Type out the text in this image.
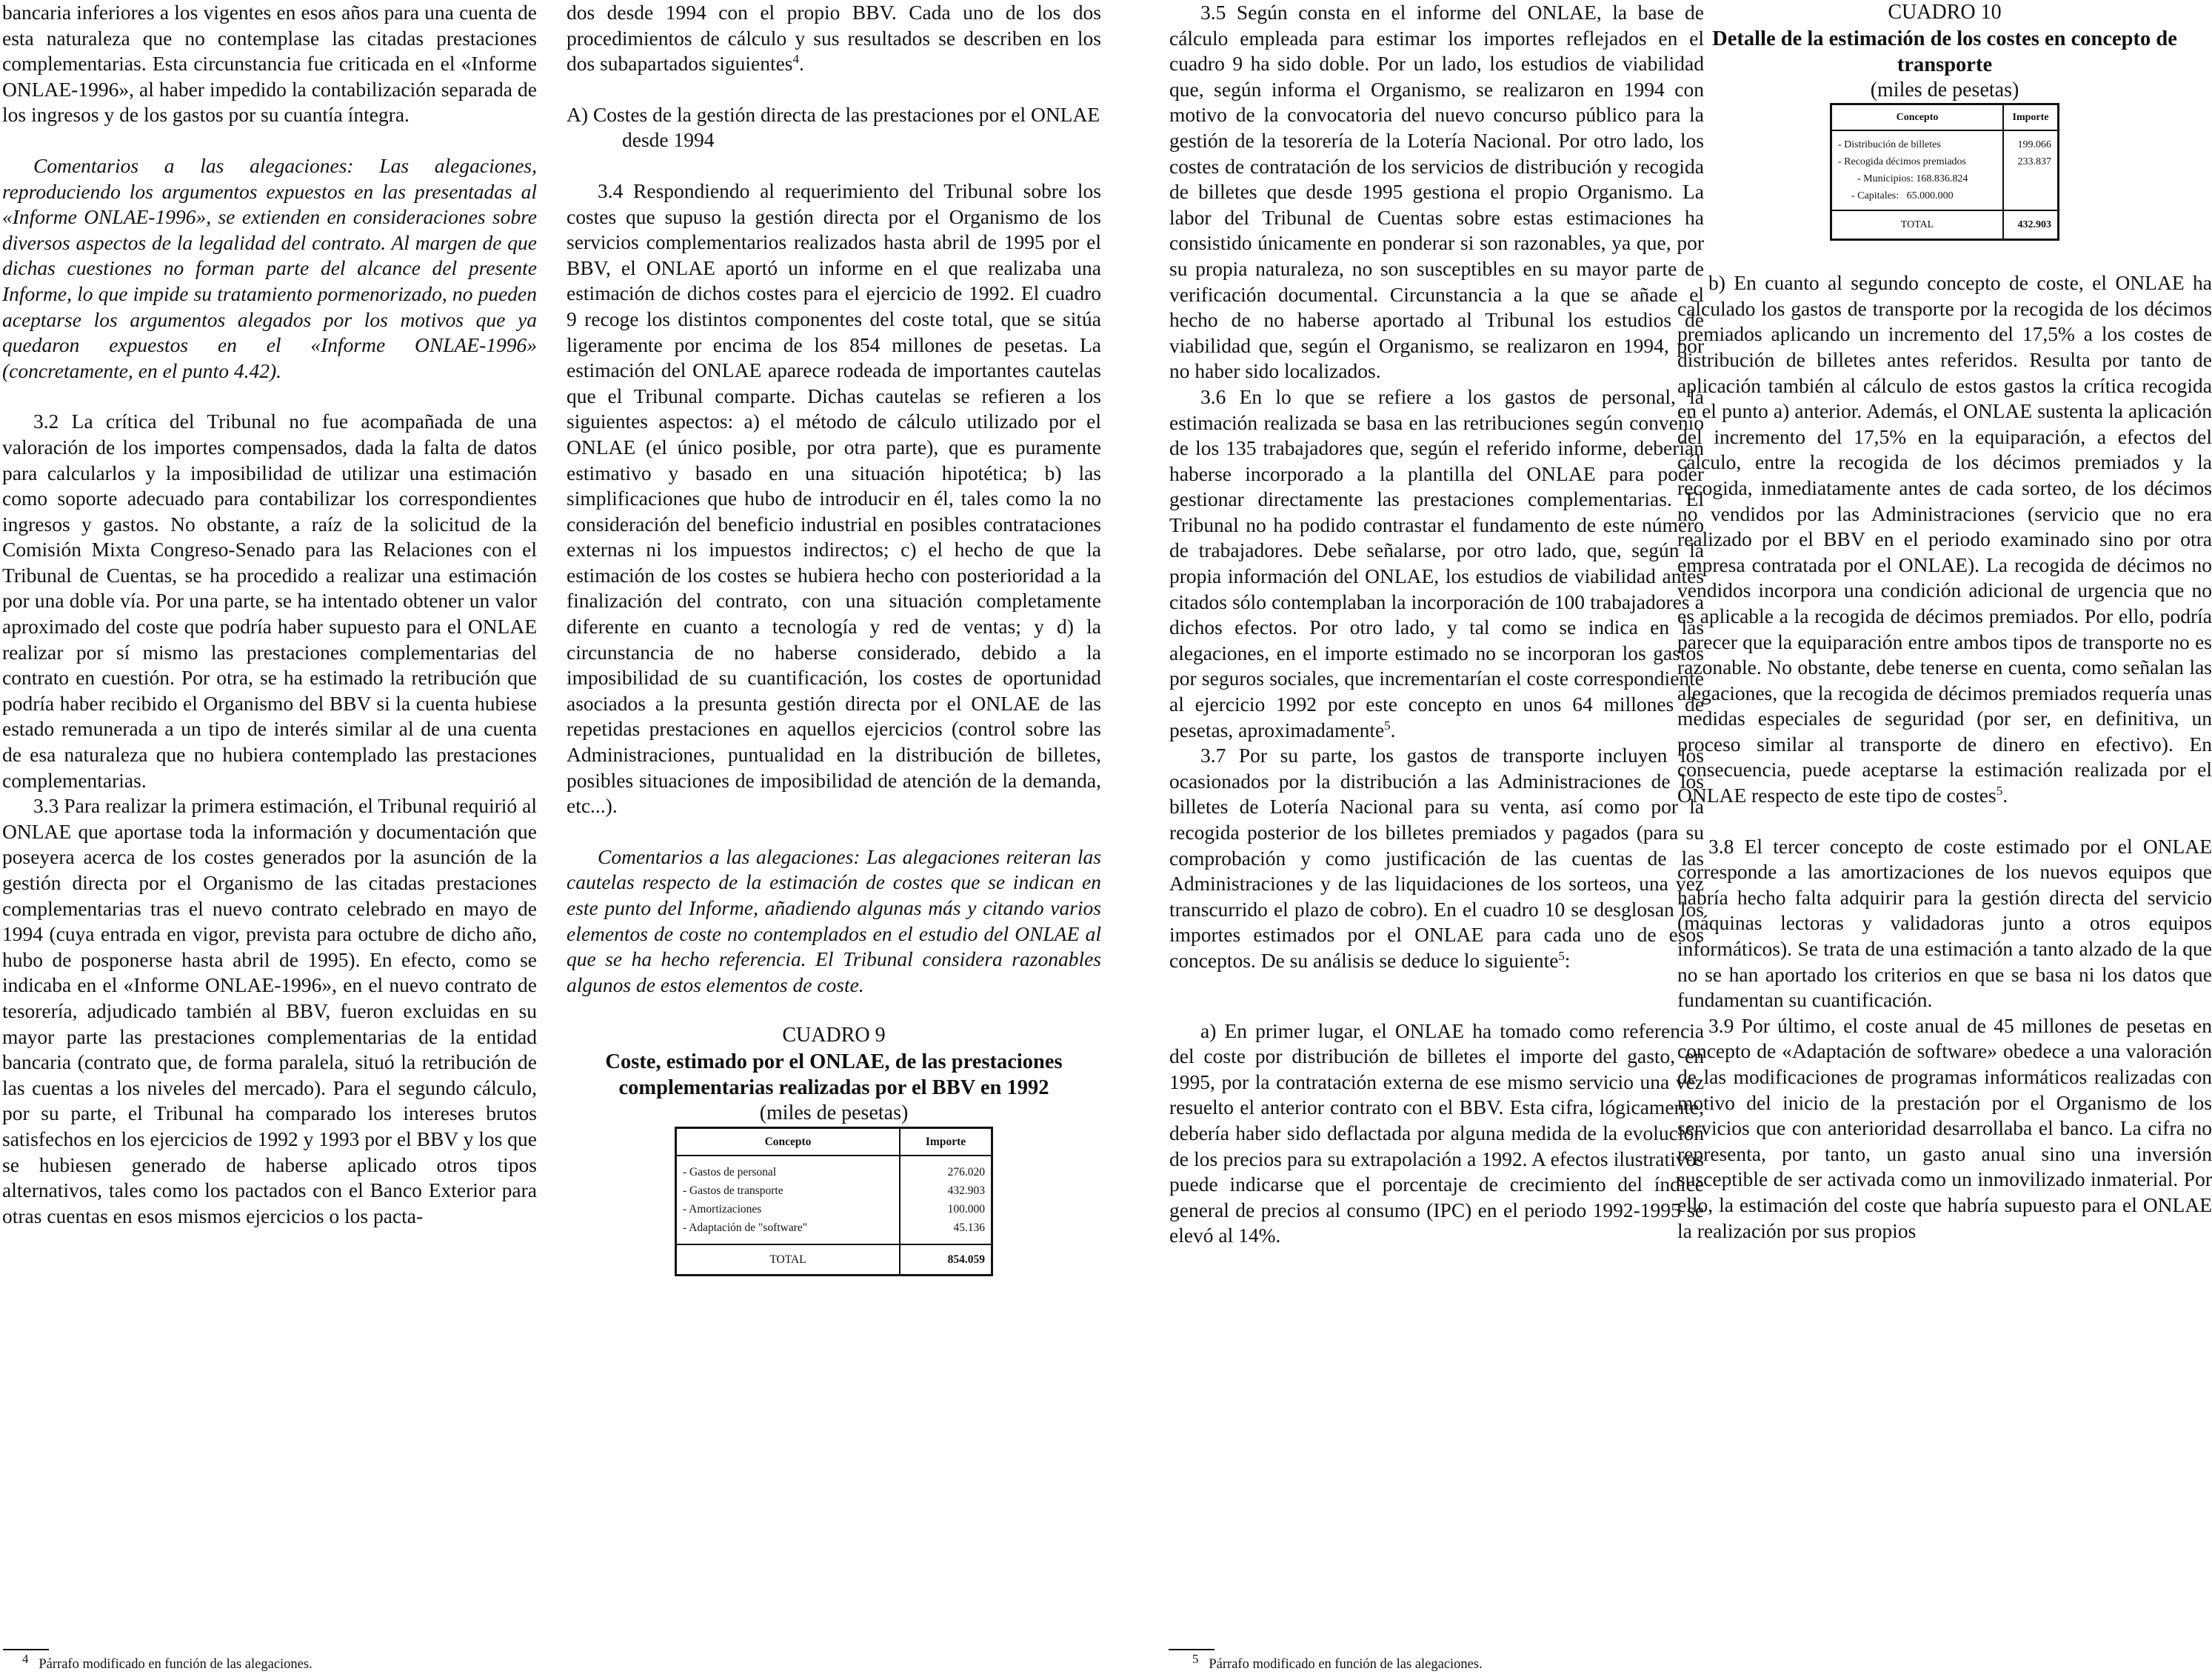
bancaria inferiores a los vigentes en esos años para una cuenta de esta naturaleza que no contemplase las citadas prestaciones complementarias. Esta circunstancia fue criticada en el «Informe ONLAE-1996», al haber impedido la contabilización separada de los ingresos y de los gastos por su cuantía íntegra.

Comentarios a las alegaciones: Las alegaciones, reproduciendo los argumentos expuestos en las presentadas al «Informe ONLAE-1996», se extienden en consideraciones sobre diversos aspectos de la legalidad del contrato. Al margen de que dichas cuestiones no forman parte del alcance del presente Informe, lo que impide su tratamiento pormenorizado, no pueden aceptarse los argumentos alegados por los motivos que ya quedaron expuestos en el «Informe ONLAE-1996» (concretamente, en el punto 4.42).

3.2 La crítica del Tribunal no fue acompañada de una valoración de los importes compensados, dada la falta de datos para calcularlos y la imposibilidad de utilizar una estimación como soporte adecuado para contabilizar los correspondientes ingresos y gastos. No obstante, a raíz de la solicitud de la Comisión Mixta Congreso-Senado para las Relaciones con el Tribunal de Cuentas, se ha procedido a realizar una estimación por una doble vía. Por una parte, se ha intentado obtener un valor aproximado del coste que podría haber supuesto para el ONLAE realizar por sí mismo las prestaciones complementarias del contrato en cuestión. Por otra, se ha estimado la retribución que podría haber recibido el Organismo del BBV si la cuenta hubiese estado remunerada a un tipo de interés similar al de una cuenta de esa naturaleza que no hubiera contemplado las prestaciones complementarias.

3.3 Para realizar la primera estimación, el Tribunal requirió al ONLAE que aportase toda la información y documentación que poseyera acerca de los costes generados por la asunción de la gestión directa por el Organismo de las citadas prestaciones complementarias tras el nuevo contrato celebrado en mayo de 1994 (cuya entrada en vigor, prevista para octubre de dicho año, hubo de posponerse hasta abril de 1995). En efecto, como se indicaba en el «Informe ONLAE-1996», en el nuevo contrato de tesorería, adjudicado también al BBV, fueron excluidas en su mayor parte las prestaciones complementarias de la entidad bancaria (contrato que, de forma paralela, situó la retribución de las cuentas a los niveles del mercado). Para el segundo cálculo, por su parte, el Tribunal ha comparado los intereses brutos satisfechos en los ejercicios de 1992 y 1993 por el BBV y los que se hubiesen generado de haberse aplicado otros tipos alternativos, tales como los pactados con el Banco Exterior para otras cuentas en esos mismos ejercicios o los pacta-

dos desde 1994 con el propio BBV. Cada uno de los dos procedimientos de cálculo y sus resultados se describen en los dos subapartados siguientes$^4$.

A) Costes de la gestión directa de las prestaciones por el ONLAE desde 1994

3.4 Respondiendo al requerimiento del Tribunal sobre los costes que supuso la gestión directa por el Organismo de los servicios complementarios realizados hasta abril de 1995 por el BBV, el ONLAE aportó un informe en el que realizaba una estimación de dichos costes para el ejercicio de 1992. El cuadro 9 recoge los distintos componentes del coste total, que se sitúa ligeramente por encima de los 854 millones de pesetas. La estimación del ONLAE aparece rodeada de importantes cautelas que el Tribunal comparte. Dichas cautelas se refieren a los siguientes aspectos: a) el método de cálculo utilizado por el ONLAE (el único posible, por otra parte), que es puramente estimativo y basado en una situación hipotética; b) las simplificaciones que hubo de introducir en él, tales como la no consideración del beneficio industrial en posibles contrataciones externas ni los impuestos indirectos; c) el hecho de que la estimación de los costes se hubiera hecho con posterioridad a la finalización del contrato, con una situación completamente diferente en cuanto a tecnología y red de ventas; y d) la circunstancia de no haberse considerado, debido a la imposibilidad de su cuantificación, los costes de oportunidad asociados a la presunta gestión directa por el ONLAE de las repetidas prestaciones en aquellos ejercicios (control sobre las Administraciones, puntualidad en la distribución de billetes, posibles situaciones de imposibilidad de atención de la demanda, etc...).

Comentarios a las alegaciones: Las alegaciones reiteran las cautelas respecto de la estimación de costes que se indican en este punto del Informe, añadiendo algunas más y citando varios elementos de coste no contemplados en el estudio del ONLAE al que se ha hecho referencia. El Tribunal considera razonables algunos de estos elementos de coste.

CUADRO 9

Coste, estimado por el ONLAE, de las prestaciones complementarias realizadas por el BBV en 1992

(miles de pesetas)

Concepto	Importe
- Gastos de personal	276.020
- Gastos de transporte	432.903
- Amortizaciones	100.000
- Adaptación de "software"	45.136
TOTAL	854.059
$^4$ Párrafo modificado en función de las alegaciones.

3.5 Según consta en el informe del ONLAE, la base de cálculo empleada para estimar los importes reflejados en el cuadro 9 ha sido doble. Por un lado, los estudios de viabilidad que, según informa el Organismo, se realizaron en 1994 con motivo de la convocatoria del nuevo concurso público para la gestión de la tesorería de la Lotería Nacional. Por otro lado, los costes de contratación de los servicios de distribución y recogida de billetes que desde 1995 gestiona el propio Organismo. La labor del Tribunal de Cuentas sobre estas estimaciones ha consistido únicamente en ponderar si son razonables, ya que, por su propia naturaleza, no son susceptibles en su mayor parte de verificación documental. Circunstancia a la que se añade el hecho de no haberse aportado al Tribunal los estudios de viabilidad que, según el Organismo, se realizaron en 1994, por no haber sido localizados.

3.6 En lo que se refiere a los gastos de personal, la estimación realizada se basa en las retribuciones según convenio de los 135 trabajadores que, según el referido informe, deberían haberse incorporado a la plantilla del ONLAE para poder gestionar directamente las prestaciones complementarias. El Tribunal no ha podido contrastar el fundamento de este número de trabajadores. Debe señalarse, por otro lado, que, según la propia información del ONLAE, los estudios de viabilidad antes citados sólo contemplaban la incorporación de 100 trabajadores a dichos efectos. Por otro lado, y tal como se indica en las alegaciones, en el importe estimado no se incorporan los gastos por seguros sociales, que incrementarían el coste correspondiente al ejercicio 1992 por este concepto en unos 64 millones de pesetas, aproximadamente$^5$.

3.7 Por su parte, los gastos de transporte incluyen los ocasionados por la distribución a las Administraciones de los billetes de Lotería Nacional para su venta, así como por la recogida posterior de los billetes premiados y pagados (para su comprobación y como justificación de las cuentas de las Administraciones y de las liquidaciones de los sorteos, una vez transcurrido el plazo de cobro). En el cuadro 10 se desglosan los importes estimados por el ONLAE para cada uno de esos conceptos. De su análisis se deduce lo siguiente$^5$:

a) En primer lugar, el ONLAE ha tomado como referencia del coste por distribución de billetes el importe del gasto, en 1995, por la contratación externa de ese mismo servicio una vez resuelto el anterior contrato con el BBV. Esta cifra, lógicamente, debería haber sido deflactada por alguna medida de la evolución de los precios para su extrapolación a 1992. A efectos ilustrativos puede indicarse que el porcentaje de crecimiento del índice general de precios al consumo (IPC) en el periodo 1992-1995 se elevó al 14%.

CUADRO 10

Detalle de la estimación de los costes en concepto de transporte

(miles de pesetas)

Concepto	Importe
- Distribución de billetes	199.066
- Recogida décimos premiados	233.837
- Municipios: 168.836.824	
- Capitales: 65.000.000	
TOTAL	432.903

b) En cuanto al segundo concepto de coste, el ONLAE ha calculado los gastos de transporte por la recogida de los décimos premiados aplicando un incremento del 17,5% a los costes de distribución de billetes antes referidos. Resulta por tanto de aplicación también al cálculo de estos gastos la crítica recogida en el punto a) anterior. Además, el ONLAE sustenta la aplicación del incremento del 17,5% en la equiparación, a efectos del cálculo, entre la recogida de los décimos premiados y la recogida, inmediatamente antes de cada sorteo, de los décimos no vendidos por las Administraciones (servicio que no era realizado por el BBV en el periodo examinado sino por otra empresa contratada por el ONLAE). La recogida de décimos no vendidos incorpora una condición adicional de urgencia que no es aplicable a la recogida de décimos premiados. Por ello, podría parecer que la equiparación entre ambos tipos de transporte no es razonable. No obstante, debe tenerse en cuenta, como señalan las alegaciones, que la recogida de décimos premiados requería unas medidas especiales de seguridad (por ser, en definitiva, un proceso similar al transporte de dinero en efectivo). En consecuencia, puede aceptarse la estimación realizada por el ONLAE respecto de este tipo de costes$^5$.

3.8 El tercer concepto de coste estimado por el ONLAE corresponde a las amortizaciones de los nuevos equipos que habría hecho falta adquirir para la gestión directa del servicio (máquinas lectoras y validadoras junto a otros equipos informáticos). Se trata de una estimación a tanto alzado de la que no se han aportado los criterios en que se basa ni los datos que fundamentan su cuantificación.

3.9 Por último, el coste anual de 45 millones de pesetas en concepto de «Adaptación de software» obedece a una valoración de las modificaciones de programas informáticos realizadas con motivo del inicio de la prestación por el Organismo de los servicios que con anterioridad desarrollaba el banco. La cifra no representa, por tanto, un gasto anual sino una inversión susceptible de ser activada como un inmovilizado inmaterial. Por ello, la estimación del coste que habría supuesto para el ONLAE la realización por sus propios

$^5$ Párrafo modificado en función de las alegaciones.
